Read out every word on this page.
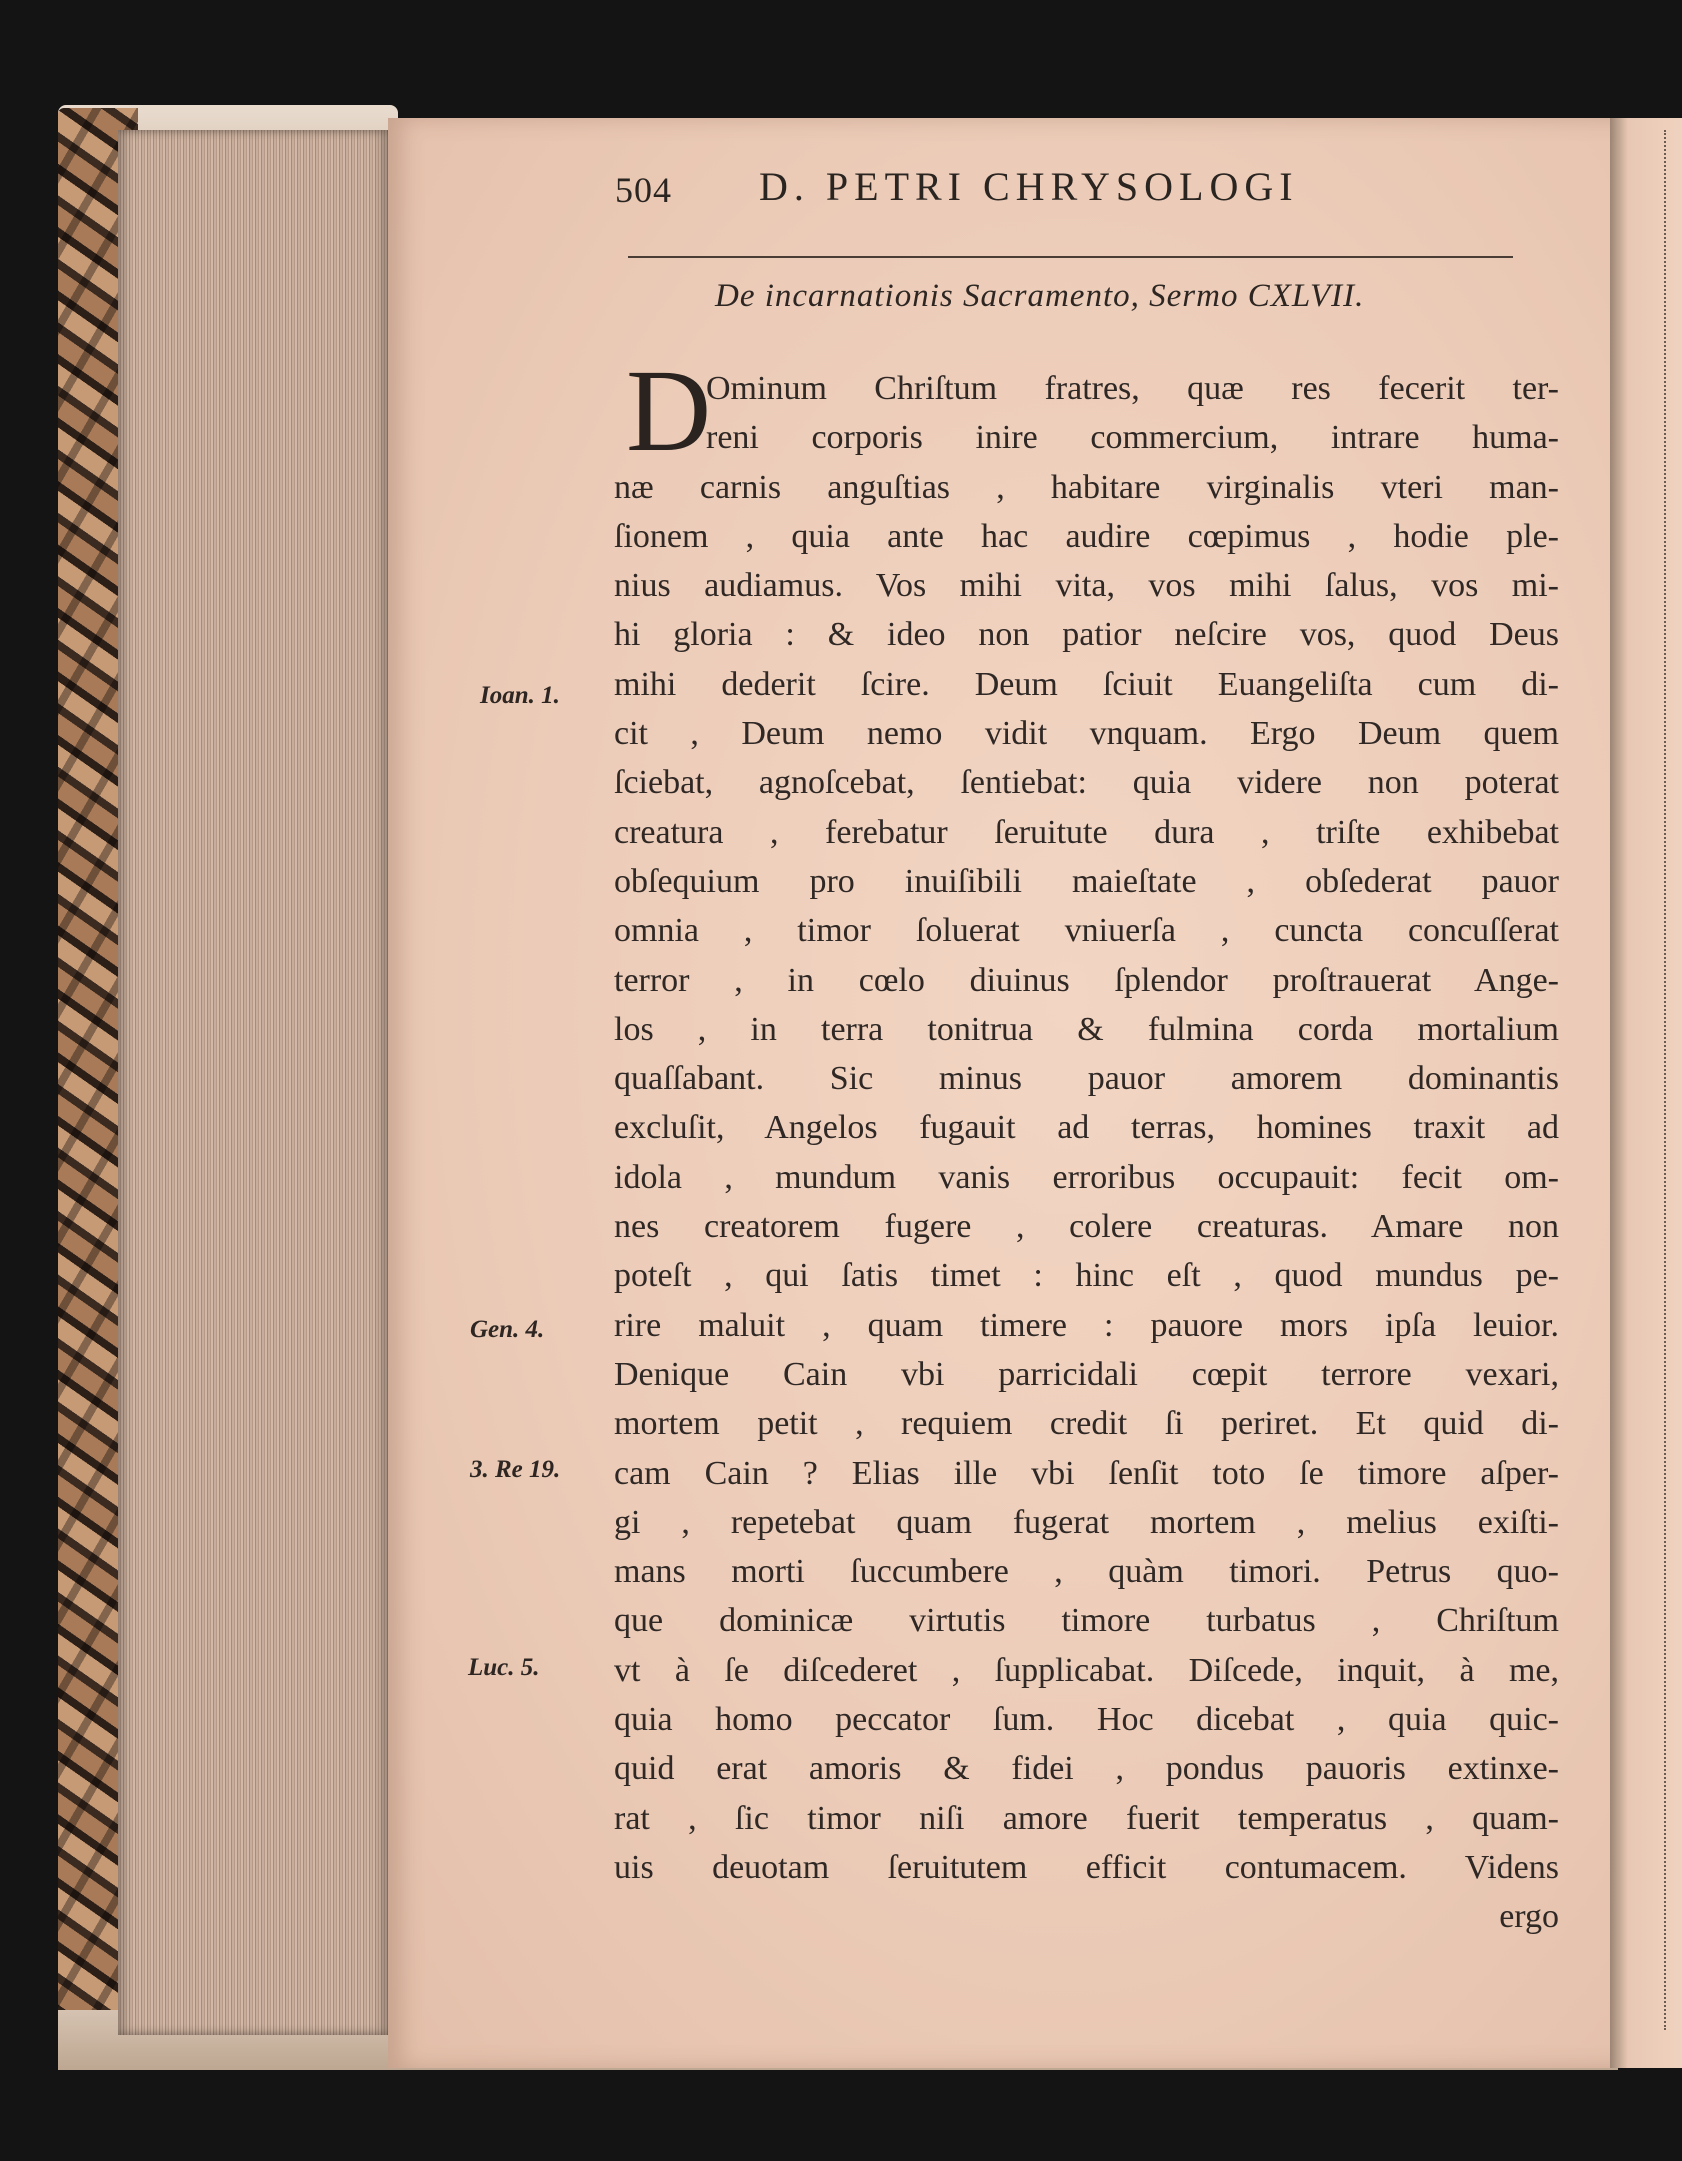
504 D. PETRI CHRYSOLOGI
De incarnationis Sacramento, Sermo CXLVII.
D
Ominum Chriſtum fratres, quæ res fecerit ter-
reni corporis inire commercium, intrare huma-
næ carnis anguſtias , habitare virginalis vteri man-
ſionem , quia ante hac audire cœpimus , hodie ple-
nius audiamus. Vos mihi vita, vos mihi ſalus, vos mi-
hi gloria : & ideo non patior neſcire vos, quod Deus
mihi dederit ſcire. Deum ſciuit Euangeliſta cum di-
cit , Deum nemo vidit vnquam. Ergo Deum quem
ſciebat, agnoſcebat, ſentiebat: quia videre non poterat
creatura , ferebatur ſeruitute dura , triſte exhibebat
obſequium pro inuiſibili maieſtate , obſederat pauor
omnia , timor ſoluerat vniuerſa , cuncta concuſſerat
terror , in cœlo diuinus ſplendor proſtrauerat Ange-
los , in terra tonitrua & fulmina corda mortalium
quaſſabant. Sic minus pauor amorem dominantis
excluſit, Angelos fugauit ad terras, homines traxit ad
idola , mundum vanis erroribus occupauit: fecit om-
nes creatorem fugere , colere creaturas. Amare non
poteſt , qui ſatis timet : hinc eſt , quod mundus pe-
rire maluit , quam timere : pauore mors ipſa leuior.
Denique Cain vbi parricidali cœpit terrore vexari,
mortem petit , requiem credit ſi periret. Et quid di-
cam Cain ? Elias ille vbi ſenſit toto ſe timore aſper-
gi , repetebat quam fugerat mortem , melius exiſti-
mans morti ſuccumbere , quàm timori. Petrus quo-
que dominicæ virtutis timore turbatus , Chriſtum
vt à ſe diſcederet , ſupplicabat. Diſcede, inquit, à me,
quia homo peccator ſum. Hoc dicebat , quia quic-
quid erat amoris & fidei , pondus pauoris extinxe-
rat , ſic timor niſi amore fuerit temperatus , quam-
uis deuotam ſeruitutem efficit contumacem. Videns
ergo
Ioan. 1.
Gen. 4.
3. Re 19.
Luc. 5.
